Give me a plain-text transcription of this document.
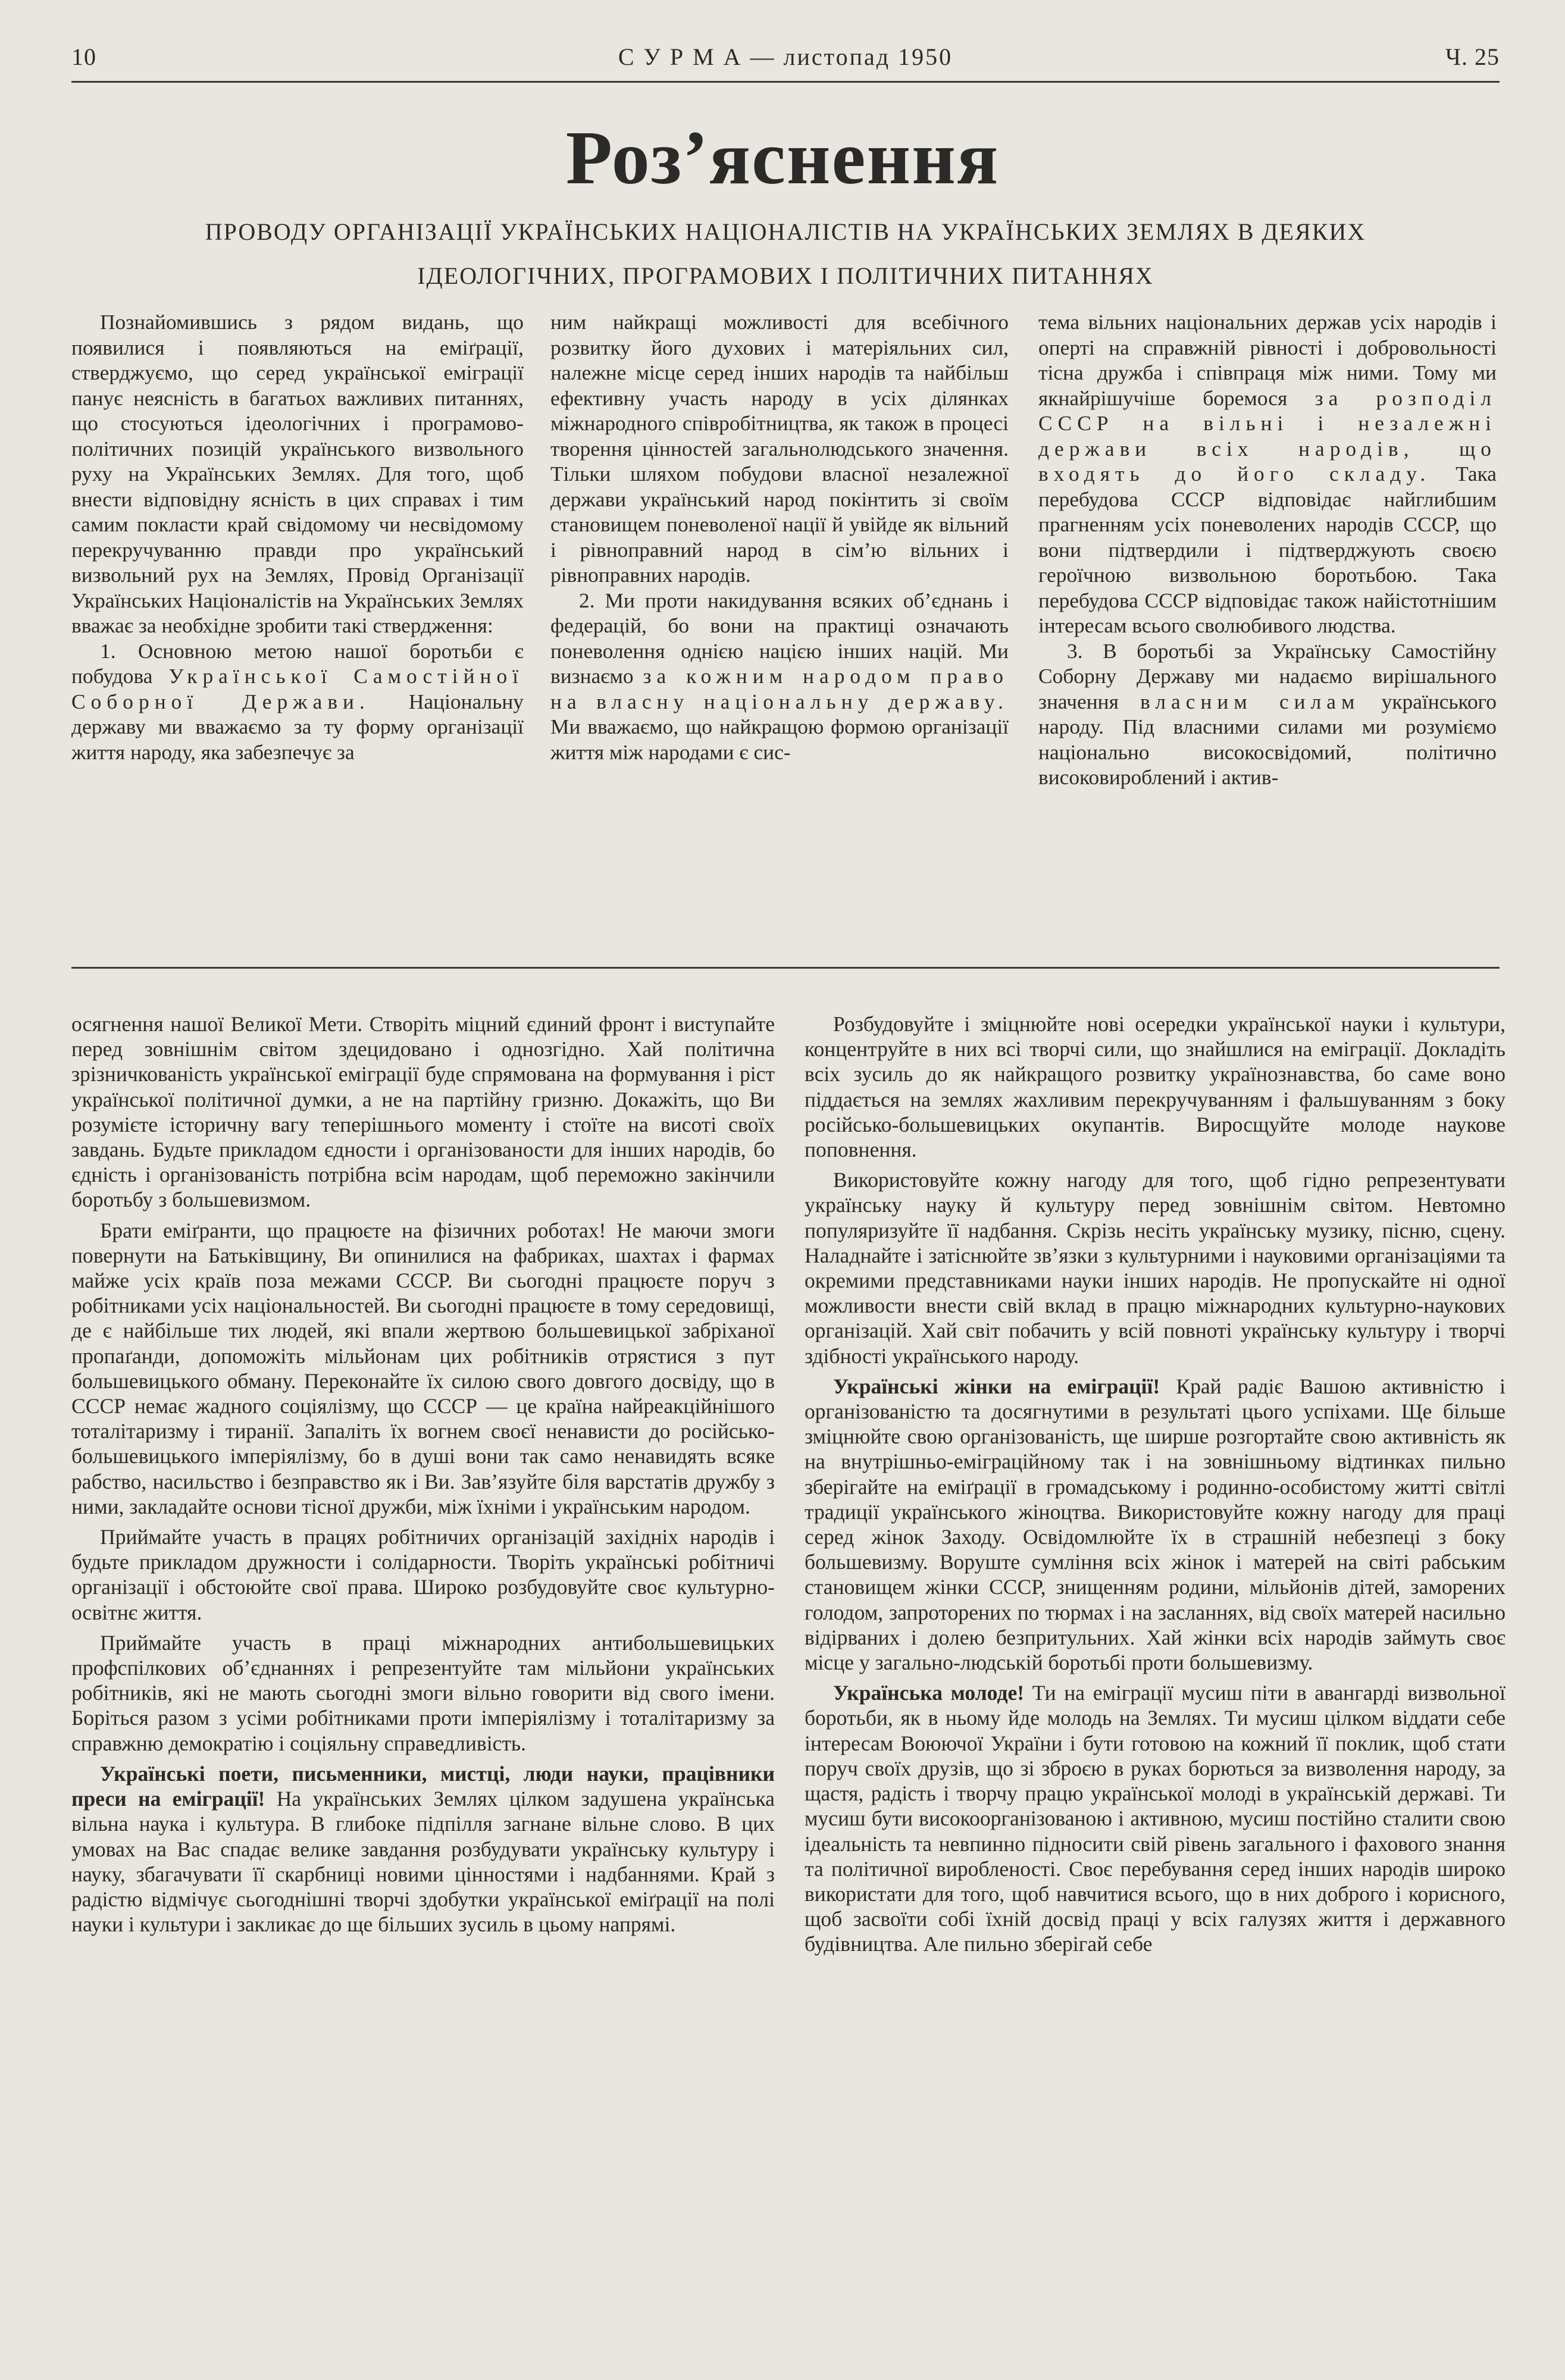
10	С У Р М А — листопад 1950	Ч. 25
Роз’яснення
ПРОВОДУ ОРГАНІЗАЦІЇ УКРАЇНСЬКИХ НАЦІОНАЛІСТІВ НА УКРАЇНСЬКИХ ЗЕМЛЯХ В ДЕЯКИХ
ІДЕОЛОГІЧНИХ, ПРОГРАМОВИХ І ПОЛІТИЧНИХ ПИТАННЯХ

Познайомившись з рядом видань, що появилися і появляються на еміґрації, стверджуємо, що серед української еміграції панує неясність в багатьох важливих питаннях, що стосуються ідеологічних і програмово-політичних позицій українського визвольного руху на Українських Землях. Для того, щоб внести відповідну ясність в цих справах і тим самим покласти край свідомому чи несвідомому перекручуванню правди про український визвольний рух на Землях, Провід Організації Українських Націоналістів на Українських Землях вважає за необхідне зробити такі ствердження:

1. Основною метою нашої боротьби є побудова Української Самостійної Соборної Держави. Національну державу ми вважаємо за ту форму організації життя народу, яка забезпечує за

ним найкращі можливості для всебічного розвитку його духових і матеріяльних сил, належне місце серед інших народів та найбільш ефективну участь народу в усіх ділянках міжнародного співробітництва, як також в процесі творення цінностей загальнолюдського значення. Тільки шляхом побудови власної незалежної держави український народ покінтить зі своїм становищем поневоленої нації й увійде як вільний і рівноправний народ в сім’ю вільних і рівноправних народів.

2. Ми проти накидування всяких об’єднань і федерацій, бо вони на практиці означають поневолення однією нацією інших націй. Ми визнаємо за кожним народом право на власну національну державу. Ми вважаємо, що найкращою формою організації життя між народами є сис-

тема вільних національних держав усіх народів і оперті на справжній рівності і добровольності тісна дружба і співпраця між ними. Тому ми якнайрішучіше боремося за розподіл СССР на вільні і незалежні держави всіх народів, що входять до його складу. Така перебудова СССР відповідає найглибшим прагненням усіх поневолених народів СССР, що вони підтвердили і підтверджують своєю героїчною визвольною боротьбою. Така перебудова СССР відповідає також найістотнішим інтересам всього сволюбивого людства.

3. В боротьбі за Українську Самостійну Соборну Державу ми надаємо вирішального значення власним силам українського народу. Під власними силами ми розуміємо національно високосвідомий, політично високовироблений і актив-

осягнення нашої Великої Мети. Створіть міцний єдиний фронт і виступайте перед зовнішнім світом здецидовано і однозгідно. Хай політична зрізничкованість української еміграції буде спрямована на формування і ріст української політичної думки, а не на партійну гризню. Докажіть, що Ви розумієте історичну вагу теперішнього моменту і стоїте на висоті своїх завдань. Будьте прикладом єдности і організованости для інших народів, бо єдність і організованість потрібна всім народам, щоб переможно закінчили боротьбу з большевизмом.

Брати еміґранти, що працюєте на фізичних роботах! Не маючи змоги повернути на Батьківщину, Ви опинилися на фабриках, шахтах і фармах майже усіх країв поза межами СССР. Ви сьогодні працюєте поруч з робітниками усіх національностей. Ви сьогодні працюєте в тому середовищі, де є найбільше тих людей, які впали жертвою большевицької забріханої пропаґанди, допоможіть мільйонам цих робітників отрястися з пут большевицького обману. Переконайте їх силою свого довгого досвіду, що в СССР немає жадного соціялізму, що СССР — це країна найреакційнішого тоталітаризму і тиранії. Запаліть їх вогнем своєї ненависти до російсько-большевицького імперіялізму, бо в душі вони так само ненавидять всяке рабство, насильство і безправство як і Ви. Зав’язуйте біля варстатів дружбу з ними, закладайте основи тісної дружби, між їхніми і українським народом.

Приймайте участь в працях робітничих організацій західніх народів і будьте прикладом дружности і солідарности. Творіть українські робітничі організації і обстоюйте свої права. Широко розбудовуйте своє культурно-освітнє життя.

Приймайте участь в праці міжнародних антибольшевицьких профспілкових об’єднаннях і репрезентуйте там мільйони українських робітників, які не мають сьогодні змоги вільно говорити від свого імени. Боріться разом з усіми робітниками проти імперіялізму і тоталітаризму за справжню демократію і соціяльну справедливість.

Українські поети, письменники, мистці, люди науки, працівники преси на еміграції! На українських Землях цілком задушена українська вільна наука і культура. В глибоке підпілля загнане вільне слово. В цих умовах на Вас спадає велике завдання розбудувати українську культуру і науку, збагачувати її скарбниці новими цінностями і надбаннями. Край з радістю відмічує сьогоднішні творчі здобутки української еміґрації на полі науки і культури і закликає до ще більших зусиль в цьому напрямі.

Розбудовуйте і зміцнюйте нові осередки української науки і культури, концентруйте в них всі творчі сили, що знайшлися на еміграції. Докладіть всіх зусиль до як найкращого розвитку українознавства, бо саме воно піддається на землях жахливим перекручуванням і фальшуванням з боку російсько-большевицьких окупантів. Виросщуйте молоде наукове поповнення.

Використовуйте кожну нагоду для того, щоб гідно репрезентувати українську науку й культуру перед зовнішнім світом. Невтомно популяризуйте її надбання. Скрізь несіть українську музику, пісню, сцену. Наладнайте і затіснюйте зв’язки з культурними і науковими організаціями та окремими представниками науки інших народів. Не пропускайте ні одної можливости внести свій вклад в працю міжнародних культурно-наукових організацій. Хай світ побачить у всій повноті українську культуру і творчі здібності українського народу.

Українські жінки на еміграції! Край радіє Вашою активністю і організованістю та досягнутими в результаті цього успіхами. Ще більше зміцнюйте свою організованість, ще ширше розгортайте свою активність як на внутрішньо-еміграційному так і на зовнішньому відтинках пильно зберігайте на еміґрації в громадському і родинно-особистому житті світлі традиції українського жіноцтва. Використовуйте кожну нагоду для праці серед жінок Заходу. Освідомлюйте їх в страшній небезпеці з боку большевизму. Воруште сумління всіх жінок і матерей на світі рабським становищем жінки СССР, знищенням родини, мільйонів дітей, заморених голодом, запроторених по тюрмах і на засланнях, від своїх матерей насильно відірваних і долею безпритульних. Хай жінки всіх народів займуть своє місце у загально-людській боротьбі проти большевизму.

Українська молоде! Ти на еміграції мусиш піти в авангарді визвольної боротьби, як в ньому йде молодь на Землях. Ти мусиш цілком віддати себе інтересам Воюючої України і бути готовою на кожний її поклик, щоб стати поруч своїх друзів, що зі зброєю в руках борються за визволення народу, за щастя, радість і творчу працю української молоді в українській державі. Ти мусиш бути високоорганізованою і активною, мусиш постійно сталити свою ідеальність та невпинно підносити свій рівень загального і фахового знання та політичної виробленості. Своє перебування серед інших народів широко використати для того, щоб навчитися всього, що в них доброго і корисного, щоб засвоїти собі їхній досвід праці у всіх галузях життя і державного будівництва. Але пильно зберігай себе
